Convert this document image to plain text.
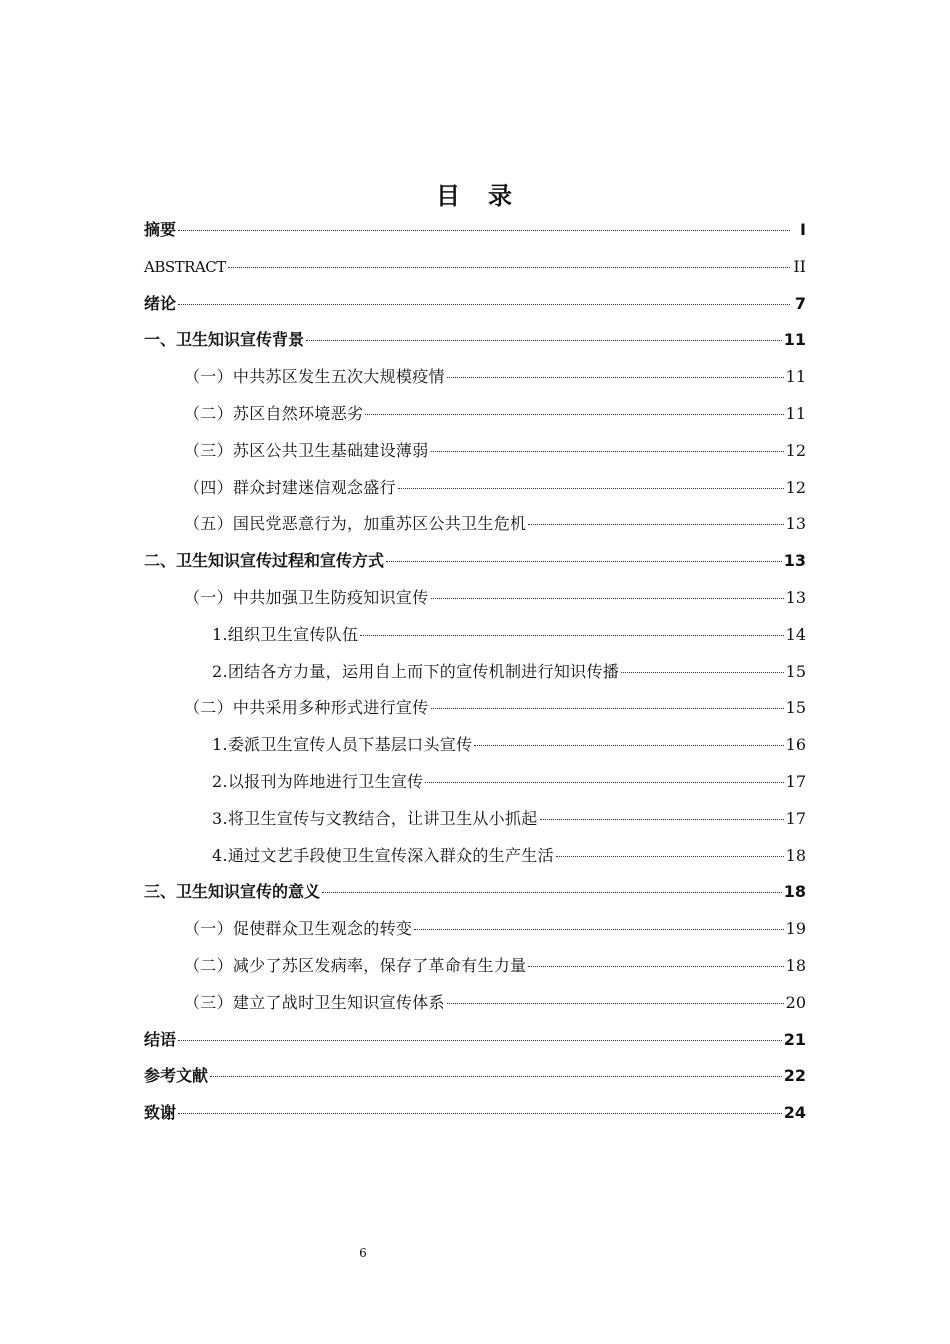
目　录
摘要	I
ABSTRACT	II
绪论	7
一、卫生知识宣传背景	11
（一）中共苏区发生五次大规模疫情	11
（二）苏区自然环境恶劣	11
（三）苏区公共卫生基础建设薄弱	12
（四）群众封建迷信观念盛行	12
（五）国民党恶意行为，加重苏区公共卫生危机	13
二、卫生知识宣传过程和宣传方式	13
（一）中共加强卫生防疫知识宣传	13
1.组织卫生宣传队伍	14
2.团结各方力量，运用自上而下的宣传机制进行知识传播	15
（二）中共采用多种形式进行宣传	15
1.委派卫生宣传人员下基层口头宣传	16
2.以报刊为阵地进行卫生宣传	17
3.将卫生宣传与文教结合，让讲卫生从小抓起	17
4.通过文艺手段使卫生宣传深入群众的生产生活	18
三、卫生知识宣传的意义	18
（一）促使群众卫生观念的转变	19
（二）减少了苏区发病率，保存了革命有生力量	18
（三）建立了战时卫生知识宣传体系	20
结语	21
参考文献	22
致谢	24
6
